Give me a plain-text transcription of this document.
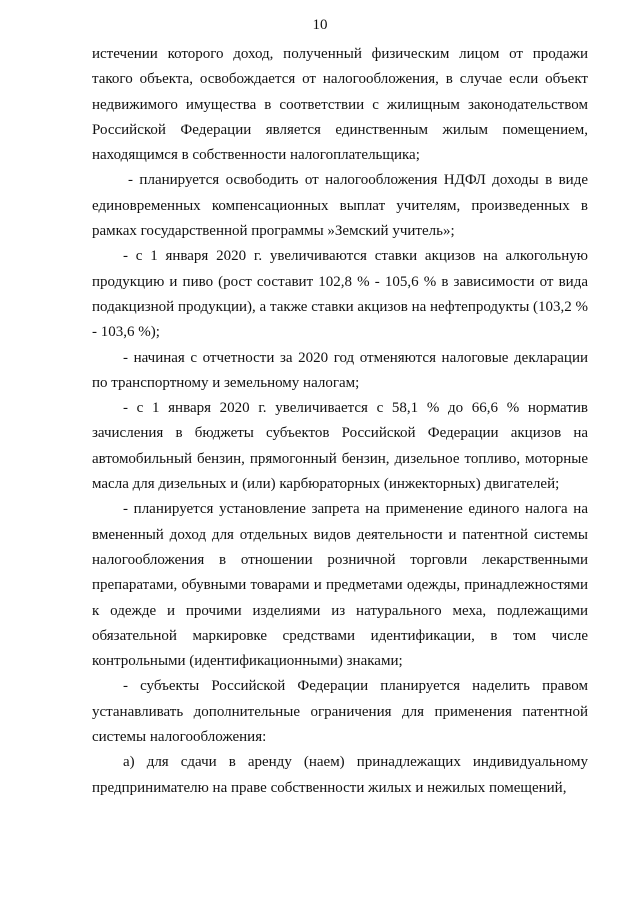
10

истечении которого доход, полученный физическим лицом от продажи такого объекта, освобождается от налогообложения, в случае если объект недвижимого имущества в соответствии с жилищным законодательством Российской Федерации является единственным жилым помещением, находящимся в собственности налогоплательщика;

- планируется освободить от налогообложения НДФЛ доходы в виде единовременных компенсационных выплат учителям, произведенных в рамках государственной программы »Земский учитель»;

- с 1 января 2020 г. увеличиваются ставки акцизов на алкогольную продукцию и пиво (рост составит 102,8 % - 105,6 % в зависимости от вида подакцизной продукции), а также ставки акцизов на нефтепродукты (103,2 % - 103,6 %);

- начиная с отчетности за 2020 год отменяются налоговые декларации по транспортному и земельному налогам;

- с 1 января 2020 г. увеличивается с 58,1 % до 66,6 % норматив зачисления в бюджеты субъектов Российской Федерации акцизов на автомобильный бензин, прямогонный бензин, дизельное топливо, моторные масла для дизельных и (или) карбюраторных (инжекторных) двигателей;

- планируется установление запрета на применение единого налога на вмененный доход для отдельных видов деятельности и патентной системы налогообложения в отношении розничной торговли лекарственными препаратами, обувными товарами и предметами одежды, принадлежностями к одежде и прочими изделиями из натурального меха, подлежащими обязательной маркировке средствами идентификации, в том числе контрольными (идентификационными) знаками;

- субъекты Российской Федерации планируется наделить правом устанавливать дополнительные ограничения для применения патентной системы налогообложения:

а) для сдачи в аренду (наем) принадлежащих индивидуальному предпринимателю на праве собственности жилых и нежилых помещений,
